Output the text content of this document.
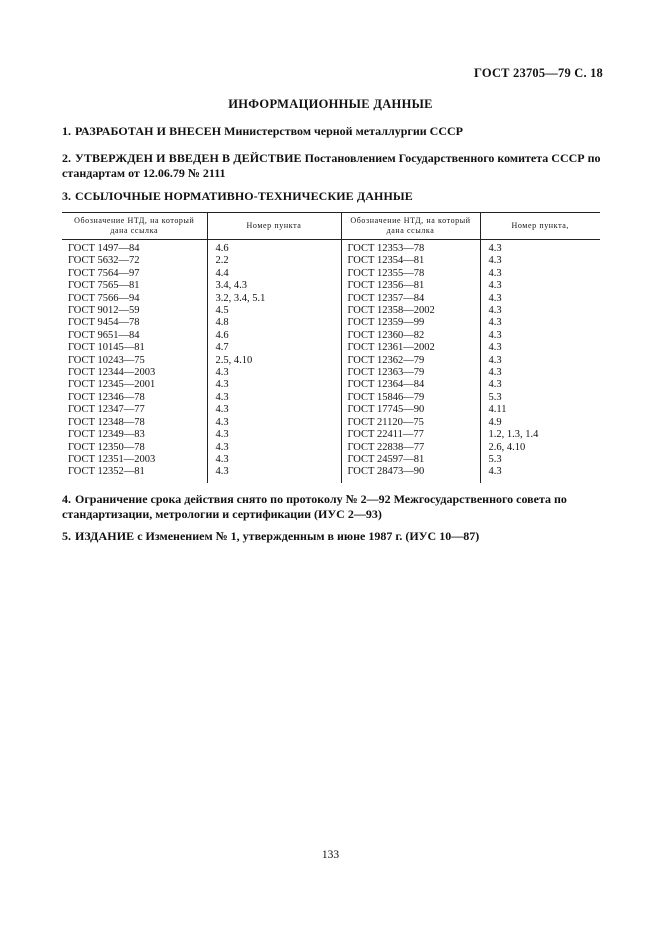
ГОСТ 23705—79 С. 18
ИНФОРМАЦИОННЫЕ ДАННЫЕ
1. РАЗРАБОТАН И ВНЕСЕН Министерством черной металлургии СССР
2. УТВЕРЖДЕН И ВВЕДЕН В ДЕЙСТВИЕ Постановлением Государственного комитета СССР по стандартам от 12.06.79 № 2111
3. ССЫЛОЧНЫЕ НОРМАТИВНО-ТЕХНИЧЕСКИЕ ДАННЫЕ
Обозначение НТД, на который дана ссылка	Номер пункта	Обозначение НТД, на который дана ссылка	Номер пункта,
ГОСТ 1497—84	4.6	ГОСТ 12353—78	4.3
ГОСТ 5632—72	2.2	ГОСТ 12354—81	4.3
ГОСТ 7564—97	4.4	ГОСТ 12355—78	4.3
ГОСТ 7565—81	3.4, 4.3	ГОСТ 12356—81	4.3
ГОСТ 7566—94	3.2, 3.4, 5.1	ГОСТ 12357—84	4.3
ГОСТ 9012—59	4.5	ГОСТ 12358—2002	4.3
ГОСТ 9454—78	4.8	ГОСТ 12359—99	4.3
ГОСТ 9651—84	4.6	ГОСТ 12360—82	4.3
ГОСТ 10145—81	4.7	ГОСТ 12361—2002	4.3
ГОСТ 10243—75	2.5, 4.10	ГОСТ 12362—79	4.3
ГОСТ 12344—2003	4.3	ГОСТ 12363—79	4.3
ГОСТ 12345—2001	4.3	ГОСТ 12364—84	4.3
ГОСТ 12346—78	4.3	ГОСТ 15846—79	5.3
ГОСТ 12347—77	4.3	ГОСТ 17745—90	4.11
ГОСТ 12348—78	4.3	ГОСТ 21120—75	4.9
ГОСТ 12349—83	4.3	ГОСТ 22411—77	1.2, 1.3, 1.4
ГОСТ 12350—78	4.3	ГОСТ 22838—77	2.6, 4.10
ГОСТ 12351—2003	4.3	ГОСТ 24597—81	5.3
ГОСТ 12352—81	4.3	ГОСТ 28473—90	4.3
4. Ограничение срока действия снято по протоколу № 2—92 Межгосударственного совета по стандартизации, метрологии и сертификации (ИУС 2—93)
5. ИЗДАНИЕ с Изменением № 1, утвержденным в июне 1987 г. (ИУС 10—87)
133
